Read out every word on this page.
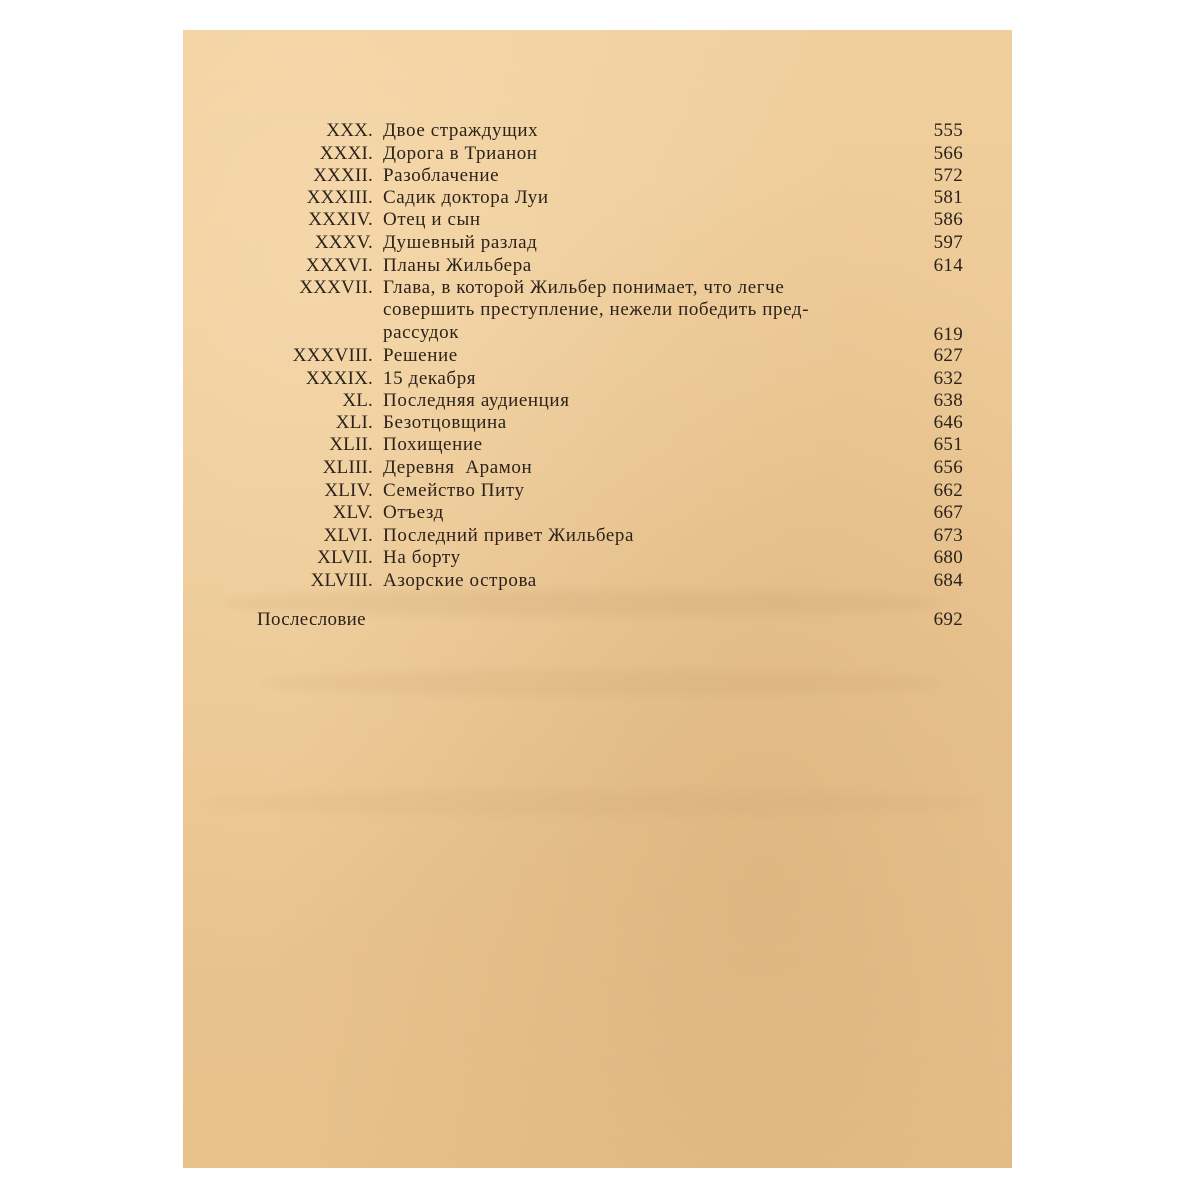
XXX. Двое страждущих	555
XXXI. Дорога в Трианон	566
XXXII. Разоблачение	572
XXXIII. Садик доктора Луи	581
XXXIV. Отец и сын	586
XXXV. Душевный разлад	597
XXXVI. Планы Жильбера	614
XXXVII. Глава, в которой Жильбер понимает, что легче
совершить преступление, нежели победить пред-
рассудок	619
XXXVIII. Решение	627
XXXIX. 15 декабря	632
XL. Последняя аудиенция	638
XLI. Безотцовщина	646
XLII. Похищение	651
XLIII. Деревня  Арамон	656
XLIV. Семейство Питу	662
XLV. Отъезд	667
XLVI. Последний привет Жильбера	673
XLVII. На борту	680
XLVIII. Азорские острова	684
Послесловие	692
